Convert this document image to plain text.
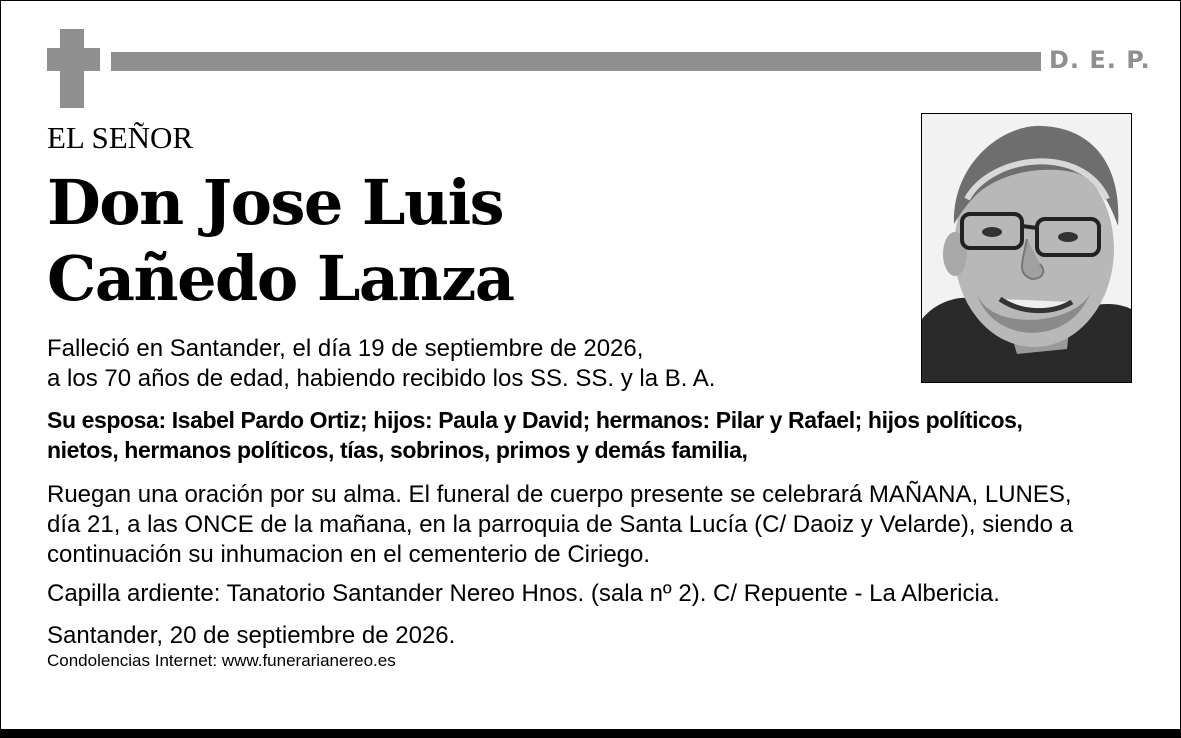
D. E. P.
EL SEÑOR
Don Jose Luis
Cañedo Lanza
Falleció en Santander, el día 19 de septiembre de 2026,
a los 70 años de edad, habiendo recibido los SS. SS. y la B. A.
Su esposa: Isabel Pardo Ortiz; hijos: Paula y David; hermanos: Pilar y Rafael; hijos políticos,
nietos, hermanos políticos, tías, sobrinos, primos y demás familia,
Ruegan una oración por su alma. El funeral de cuerpo presente se celebrará MAÑANA, LUNES,
día 21, a las ONCE de la mañana, en la parroquia de Santa Lucía (C/ Daoiz y Velarde), siendo a
continuación su inhumacion en el cementerio de Ciriego.
Capilla ardiente: Tanatorio Santander Nereo Hnos. (sala nº 2). C/ Repuente - La Albericia.
Santander, 20 de septiembre de 2026.
Condolencias Internet: www.funerarianereo.es
